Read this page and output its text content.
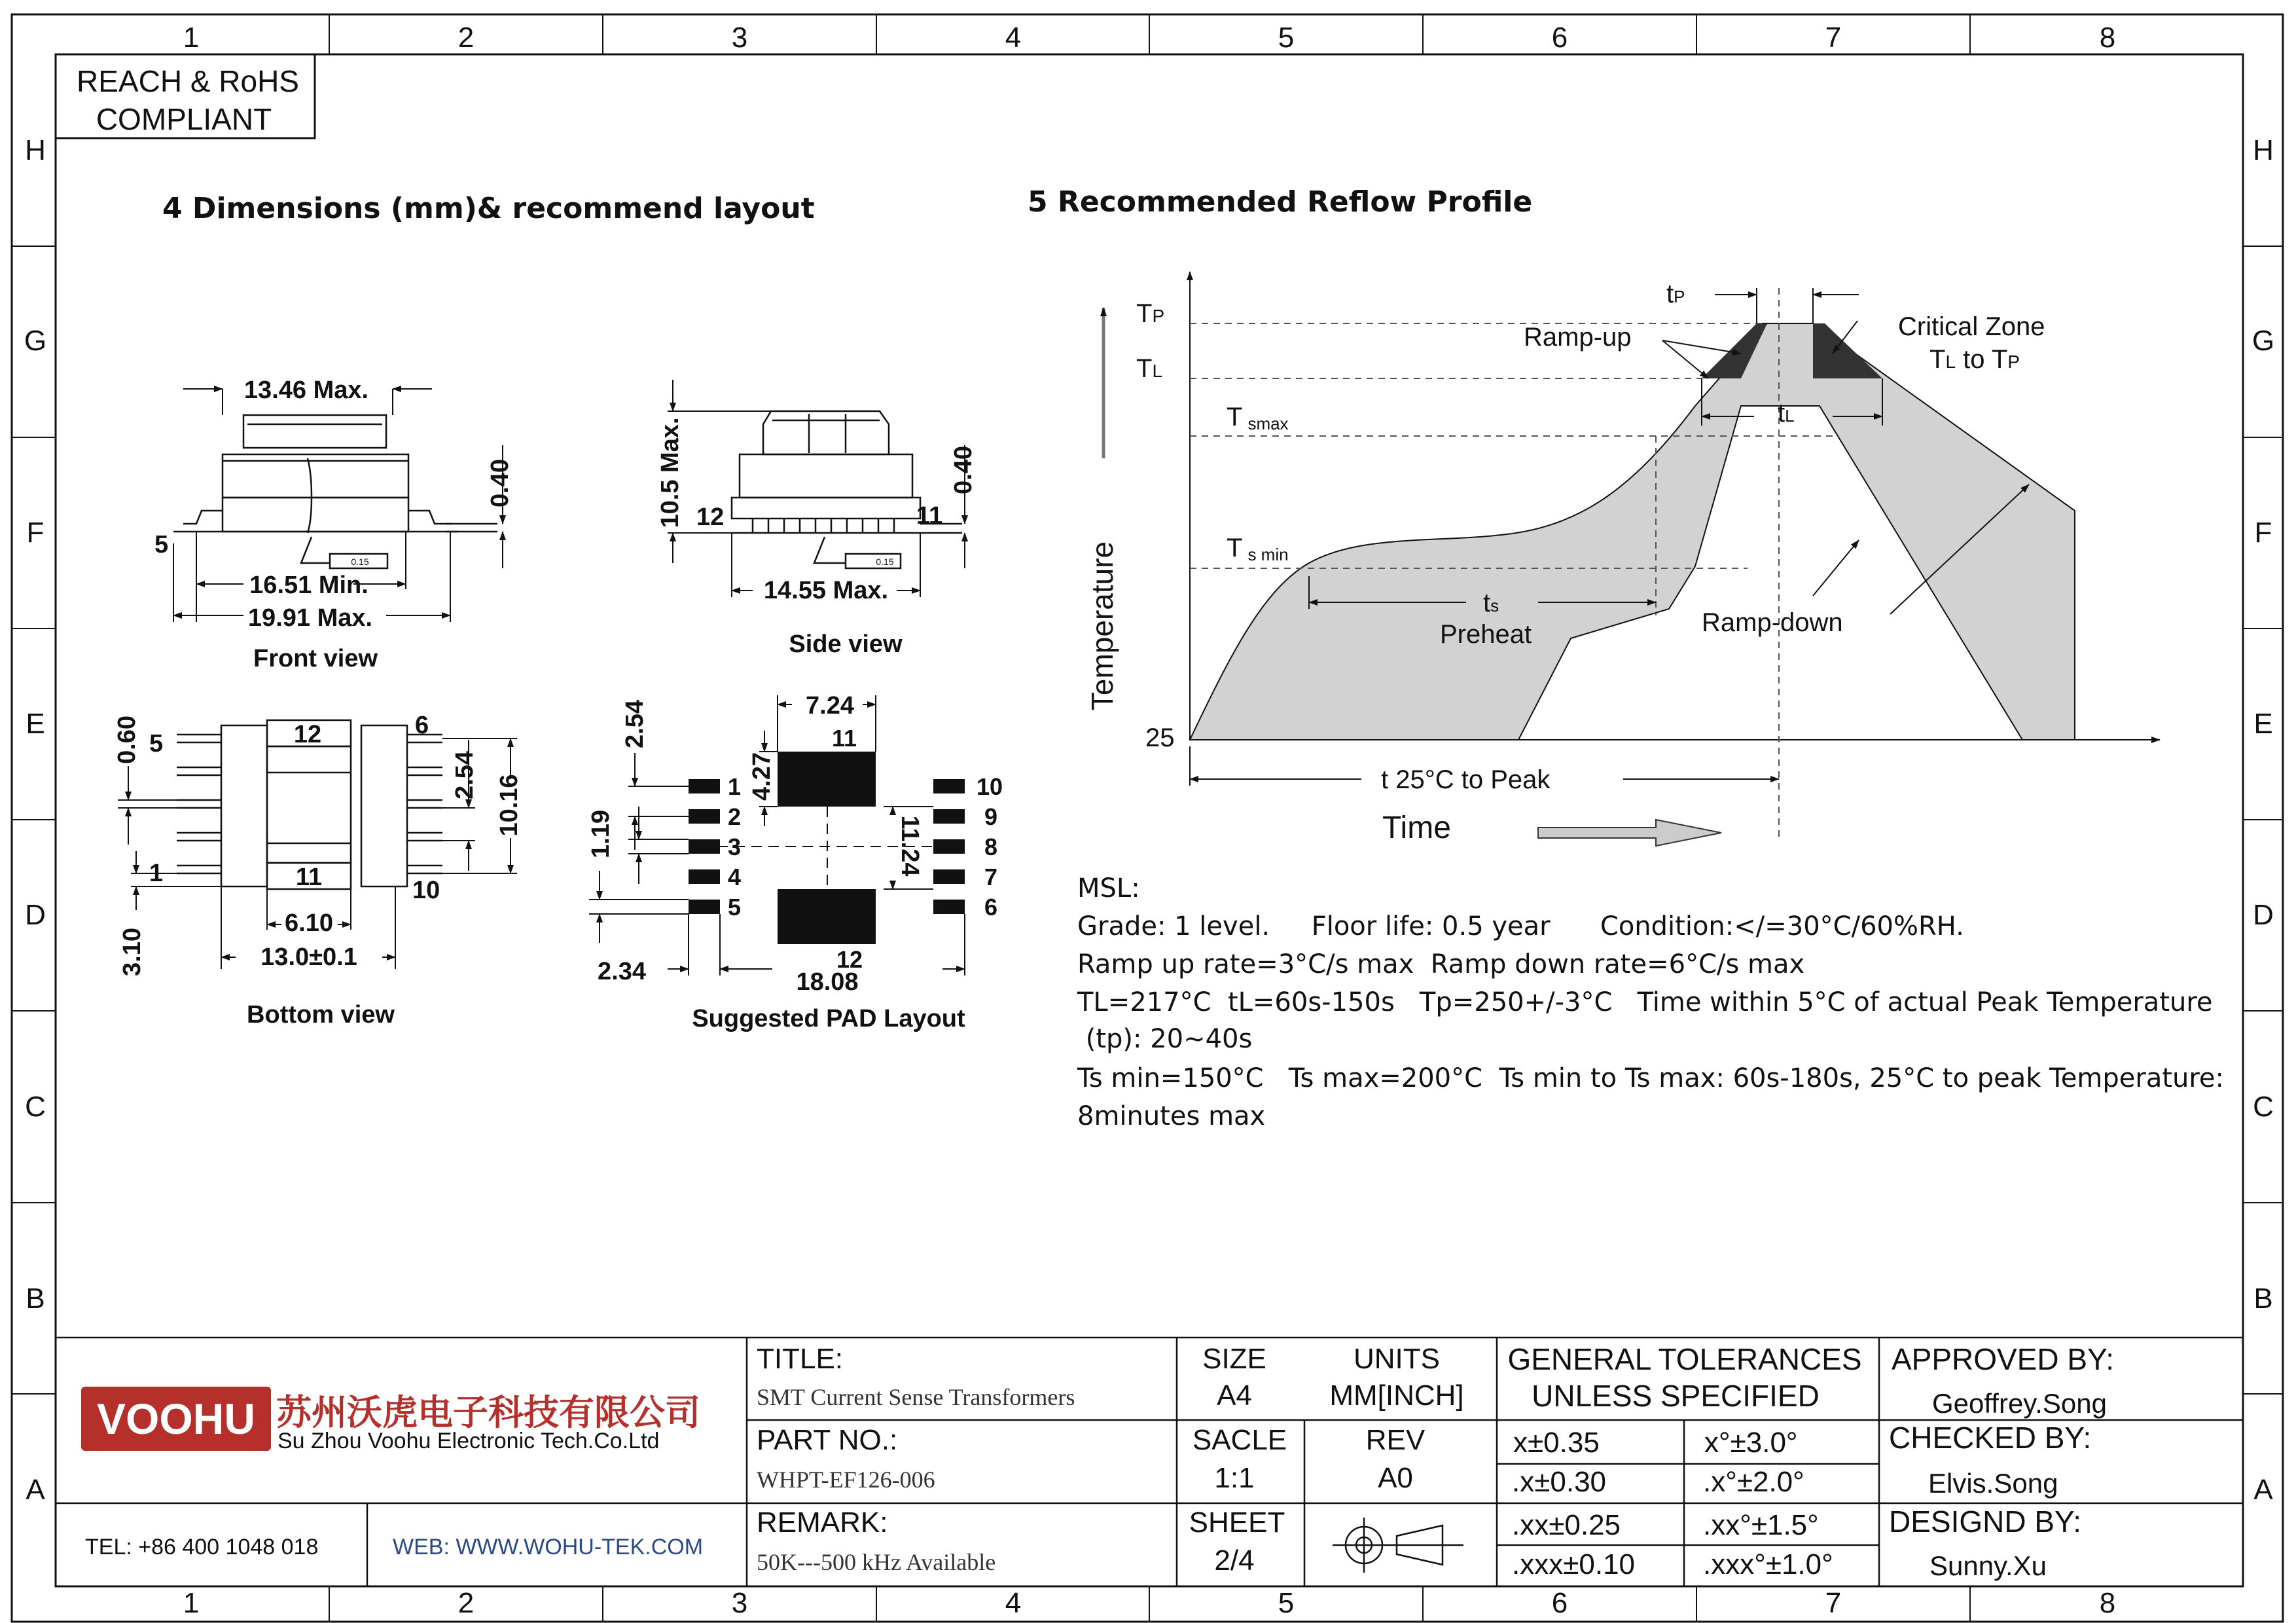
1	2	3	4	5	6	7	8
1	2	3	4	5	6	7	8
H
G
F
E
D
C
B
A
H
G
F
E
D
C
B
A
REACH & RoHS
COMPLIANT
4 Dimensions (mm)& recommend layout	5 Recommended Reflow Profile
13.46 Max.
0.40
5
0.15
16.51 Min.
19.91 Max.
Front view
10.5 Max. 12	11
0.40
0.15
14.55 Max.
Side view
5
6
12
1	11	10
0.60
2.54 10.16
3.10
6.10
13.0±0.1
Bottom view
7.24
2.54
4.27
1.19	11.24
2.34	18.08
1
2
3
4
5
10
9
8
7
6
11
12
Suggested PAD Layout
TP
TL
Tsmax
Ts min
25
tP
tL
ts
Preheat
Ramp-up
Ramp-down
Critical Zone
TL to TP
t 25°C to Peak
Temperature
Time
MSL:
Grade: 1 level.     Floor life: 0.5 year      Condition:</=30°C/60%RH.
Ramp up rate=3°C/s max  Ramp down rate=6°C/s max
TL=217°C  tL=60s-150s   Tp=250+/-3°C   Time within 5°C of actual Peak Temperature
(tp): 20~40s
Ts min=150°C   Ts max=200°C  Ts min to Ts max: 60s-180s, 25°C to peak Temperature:
8minutes max
VOOHU 苏州沃虎电子科技有限公司
Su Zhou Voohu Electronic Tech.Co.Ltd
TEL: +86 400 1048 018	WEB: WWW.WOHU-TEK.COM
TITLE:
SMT Current Sense Transformers
PART NO.:
WHPT-EF126-006
REMARK:
50K---500 kHz Available
SIZE
A4
UNITS
MM[INCH]
SACLE
1:1
REV
A0
SHEET
2/4
GENERAL TOLERANCES
UNLESS SPECIFIED
x±0.35	x°±3.0°
.x±0.30	.x°±2.0°
.xx±0.25	.xx°±1.5°
.xxx±0.10 .xxx°±1.0°
APPROVED BY:
Geoffrey.Song
CHECKED BY:
Elvis.Song
DESIGND BY:
Sunny.Xu
